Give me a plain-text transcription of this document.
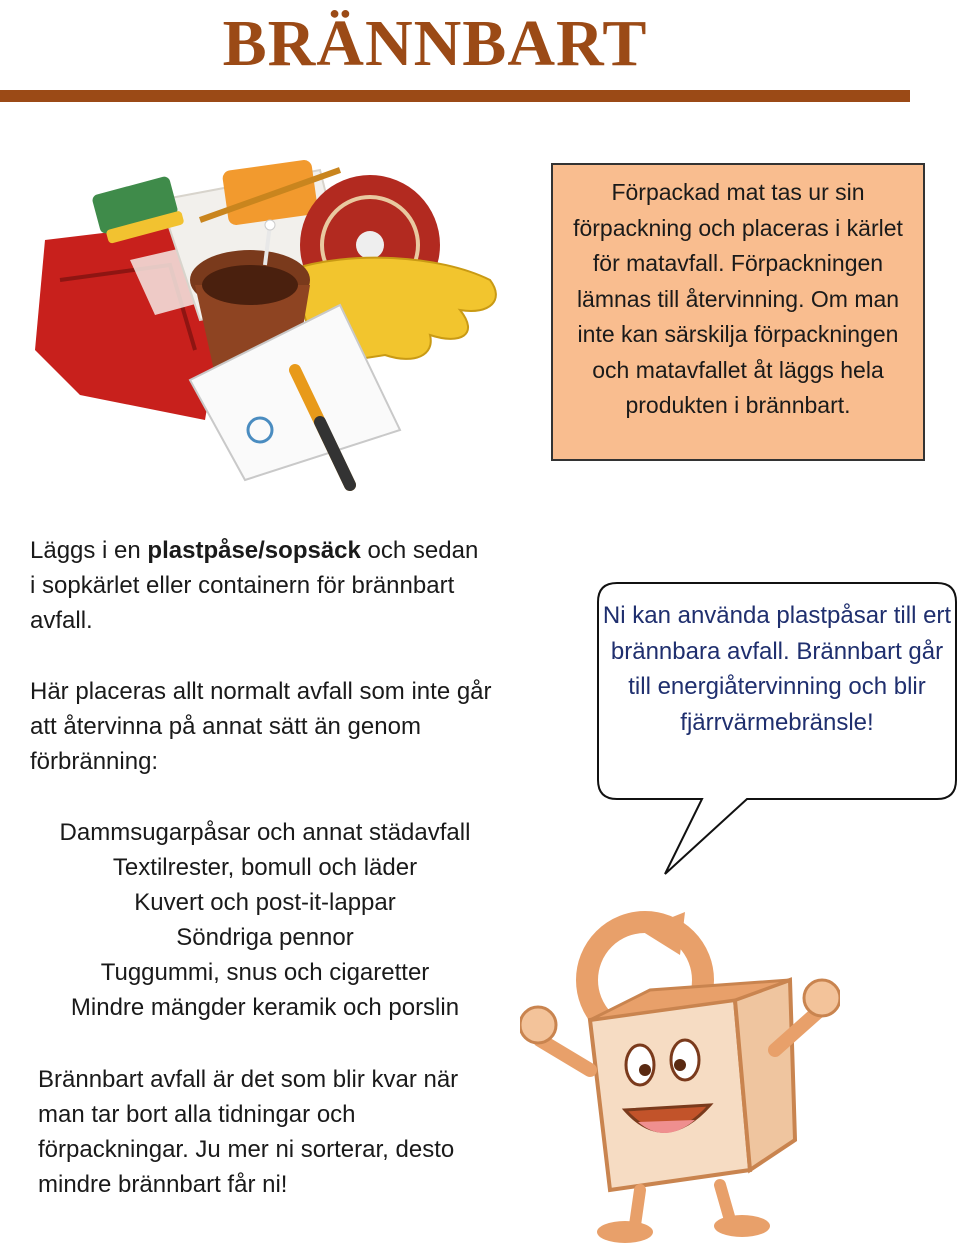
BRÄNNBART
Förpackad mat tas ur sin förpackning och placeras i kärlet för matavfall. Förpackningen lämnas till återvinning. Om man inte kan särskilja förpackningen och matavfallet åt läggs hela produkten i brännbart.
Läggs i en plastpåse/sopsäck och sedan i sopkärlet eller containern för brännbart avfall.
Här placeras allt normalt avfall som inte går att återvinna på annat sätt än genom förbränning:
Dammsugarpåsar och annat städavfall
Textilrester, bomull och läder
Kuvert och post-it-lappar
Söndriga pennor
Tuggummi, snus och cigaretter
Mindre mängder keramik och porslin
Brännbart avfall är det som blir kvar när man tar bort alla tidningar och förpackningar. Ju mer ni sorterar, desto mindre brännbart får ni!
Ni kan använda plastpåsar till ert brännbara avfall. Brännbart går till energiåtervinning och blir fjärrvärmebränsle!
